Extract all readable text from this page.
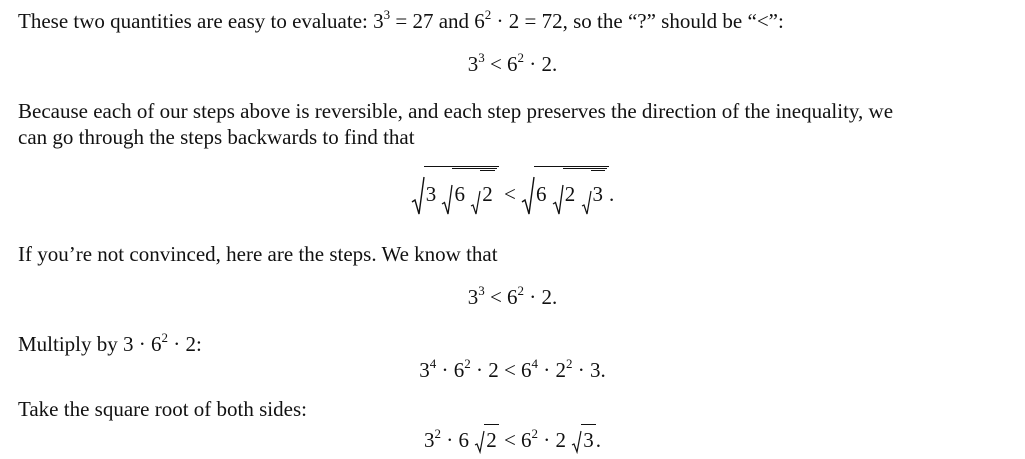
These two quantities are easy to evaluate: $3^3 = 27$ and $6^2 \cdot 2 = 72$, so the “?” should be “<”:
$3^3 < 6^2 \cdot 2$.
Because each of our steps above is reversible, and each step preserves the direction of the inequality, we
can go through the steps backwards to find that
3 6 2 < 6 2 3 .
If you’re not convinced, here are the steps. We know that
$3^3 < 6^2 \cdot 2$.
Multiply by $3 \cdot 6^2 \cdot 2$:
$3^4 \cdot 6^2 \cdot 2 < 6^4 \cdot 2^2 \cdot 3$.
Take the square root of both sides:
$3^2 \cdot 6$ $2 < 6^2 \cdot 2$ 3.
